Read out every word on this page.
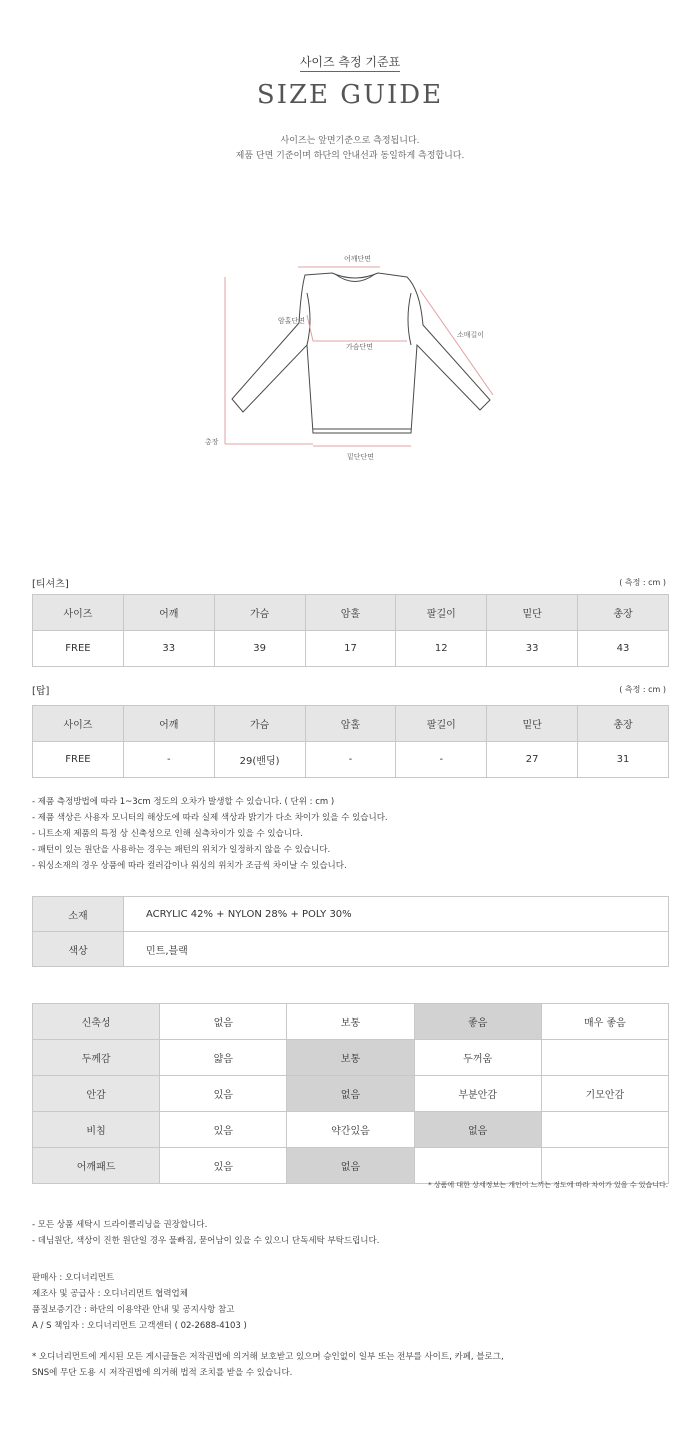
사이즈 측정 기준표
SIZE GUIDE
사이즈는 앞면기준으로 측정됩니다.
제품 단면 기준이며 하단의 안내선과 동일하게 측정합니다.
어깨단면
암홀단면
소매길이
가슴단면
총장
밑단단면
[티셔츠]	( 측정 : cm )
사이즈	어깨	가슴	암홀	팔길이	밑단	총장
FREE	33	39	17	12	33	43
[탑]	( 측정 : cm )
사이즈	어깨	가슴	암홀	팔길이	밑단	총장
FREE	-	29(밴딩)	-	-	27	31
- 제품 측정방법에 따라 1~3cm 정도의 오차가 발생할 수 있습니다. ( 단위 : cm )
- 제품 색상은 사용자 모니터의 해상도에 따라 실제 색상과 밝기가 다소 차이가 있을 수 있습니다.
- 니트소재 제품의 특정 상 신축성으로 인해 실측차이가 있을 수 있습니다.
- 패턴이 있는 원단을 사용하는 경우는 패턴의 위치가 일정하지 않을 수 있습니다.
- 워싱소재의 경우 상품에 따라 컬러감이나 워싱의 위치가 조금씩 차이날 수 있습니다.
소재	ACRYLIC 42% + NYLON 28% + POLY 30%
색상	민트,블랙
신축성	없음	보통	좋음	매우 좋음
두께감	얇음	보통	두꺼움	
안감	있음	없음	부분안감	기모안감
비침	있음	약간있음	없음	
어깨패드	있음	없음		
* 상품에 대한 상세정보는 개인이 느끼는 정도에 따라 차이가 있을 수 있습니다.
- 모든 상품 세탁시 드라이클리닝을 권장합니다.
- 데님원단, 색상이 진한 원단일 경우 물빠짐, 묻어남이 있을 수 있으니 단독세탁 부탁드립니다.
판매사 : 오디너리먼트
제조사 및 공급사 : 오디너리먼트 협력업체
품질보증기간 : 하단의 이용약관 안내 및 공지사항 참고
A / S 책임자 : 오디너리먼트 고객센터 ( 02-2688-4103 )
* 오디너리먼트에 게시된 모든 게시글들은 저작권법에 의거해 보호받고 있으며 승인없이 일부 또는 전부를 사이트, 카페, 블로그,
SNS에 무단 도용 시 저작권법에 의거해 법적 조치를 받을 수 있습니다.
